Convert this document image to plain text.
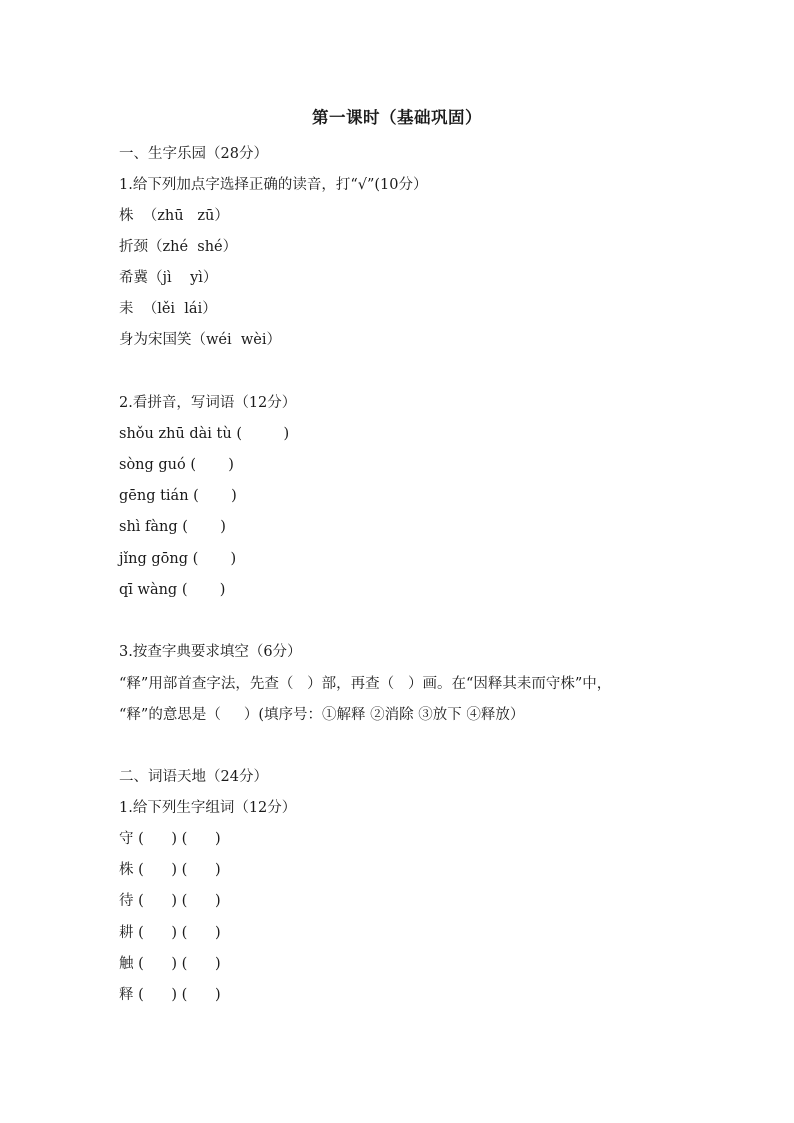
第一课时（基础巩固）
一、生字乐园（28分）
1.给下列加点字选择正确的读音，打“√”(10分）
株  （zhū   zū）
折颈（zhé  shé）
希冀（jì    yì）
耒  （lěi  lái）
身为宋国笑（wéi  wèi）
2.看拼音，写词语（12分）
shǒu zhū dài tù (         )
sòng guó (       )
gēng tián (       )
shì fàng (       )
jǐng gōng (       )
qī wàng (       )
3.按查字典要求填空（6分）
“释”用部首查字法，先查（   ）部，再查（   ）画。在“因释其耒而守株”中，
“释”的意思是（     ）(填序号：①解释 ②消除 ③放下 ④释放）
二、词语天地（24分）
1.给下列生字组词（12分）
守 (      ) (      )
株 (      ) (      )
待 (      ) (      )
耕 (      ) (      )
触 (      ) (      )
释 (      ) (      )
